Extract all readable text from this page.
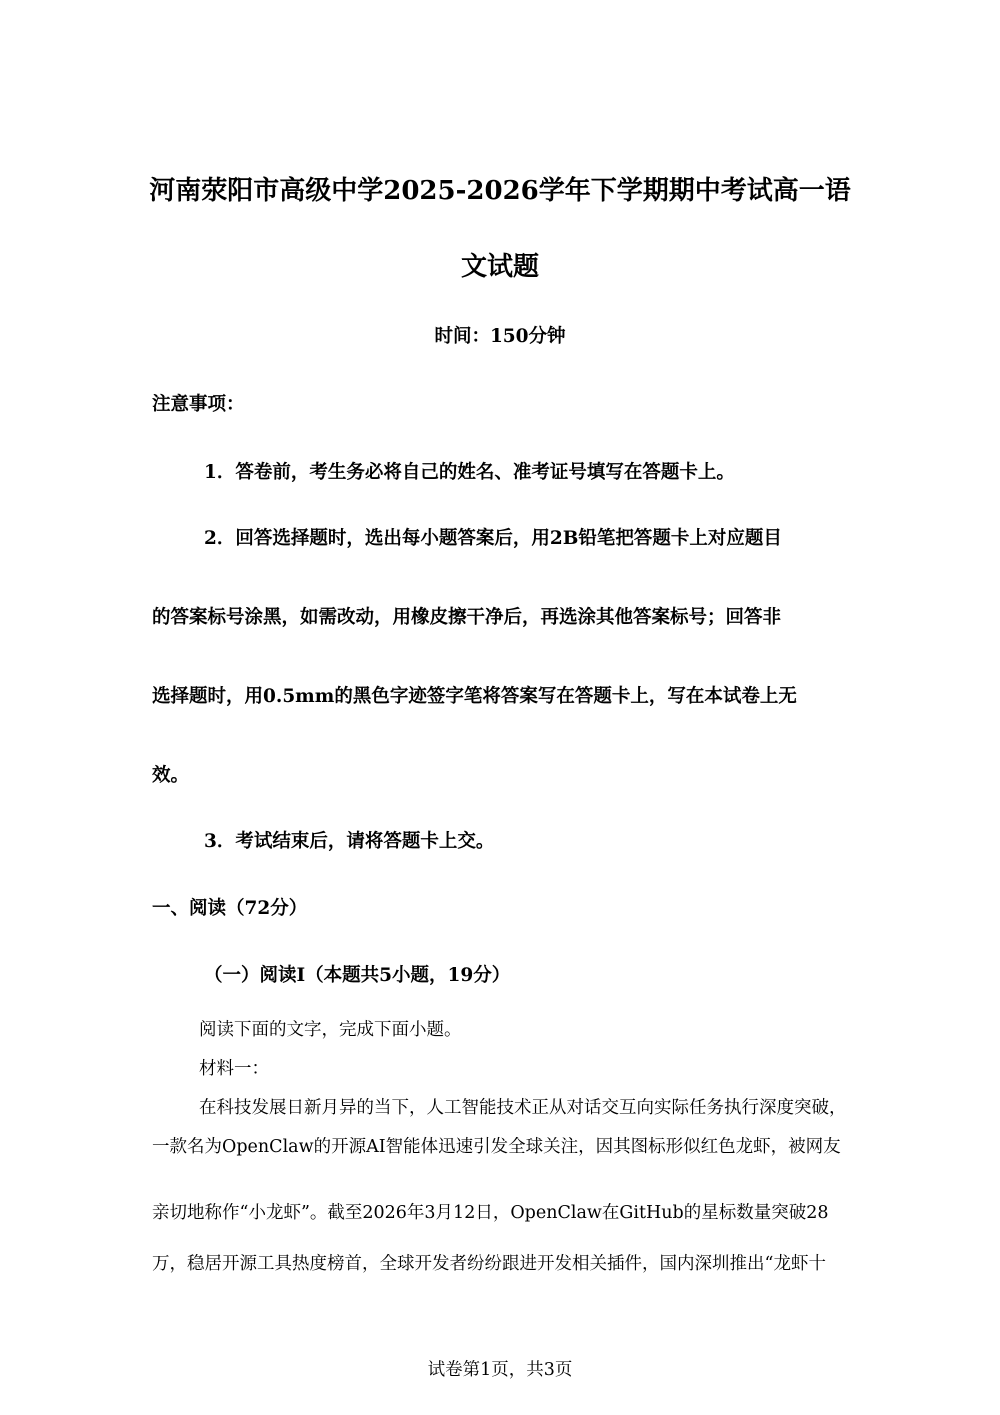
河南荥阳市高级中学2025-2026学年下学期期中考试高一语
文试题
时间：150分钟
注意事项：
1．答卷前，考生务必将自己的姓名、准考证号填写在答题卡上。
2．回答选择题时，选出每小题答案后，用2B铅笔把答题卡上对应题目
的答案标号涂黑，如需改动，用橡皮擦干净后，再选涂其他答案标号；回答非
选择题时，用0.5mm的黑色字迹签字笔将答案写在答题卡上，写在本试卷上无
效。
3．考试结束后，请将答题卡上交。
一、阅读（72分）
（一）阅读Ⅰ（本题共5小题，19分）
阅读下面的文字，完成下面小题。
材料一：
在科技发展日新月异的当下，人工智能技术正从对话交互向实际任务执行深度突破，
一款名为OpenClaw的开源AI智能体迅速引发全球关注，因其图标形似红色龙虾，被网友
亲切地称作“小龙虾”。截至2026年3月12日，OpenClaw在GitHub的星标数量突破28
万，稳居开源工具热度榜首，全球开发者纷纷跟进开发相关插件，国内深圳推出“龙虾十
试卷第1页，共3页
